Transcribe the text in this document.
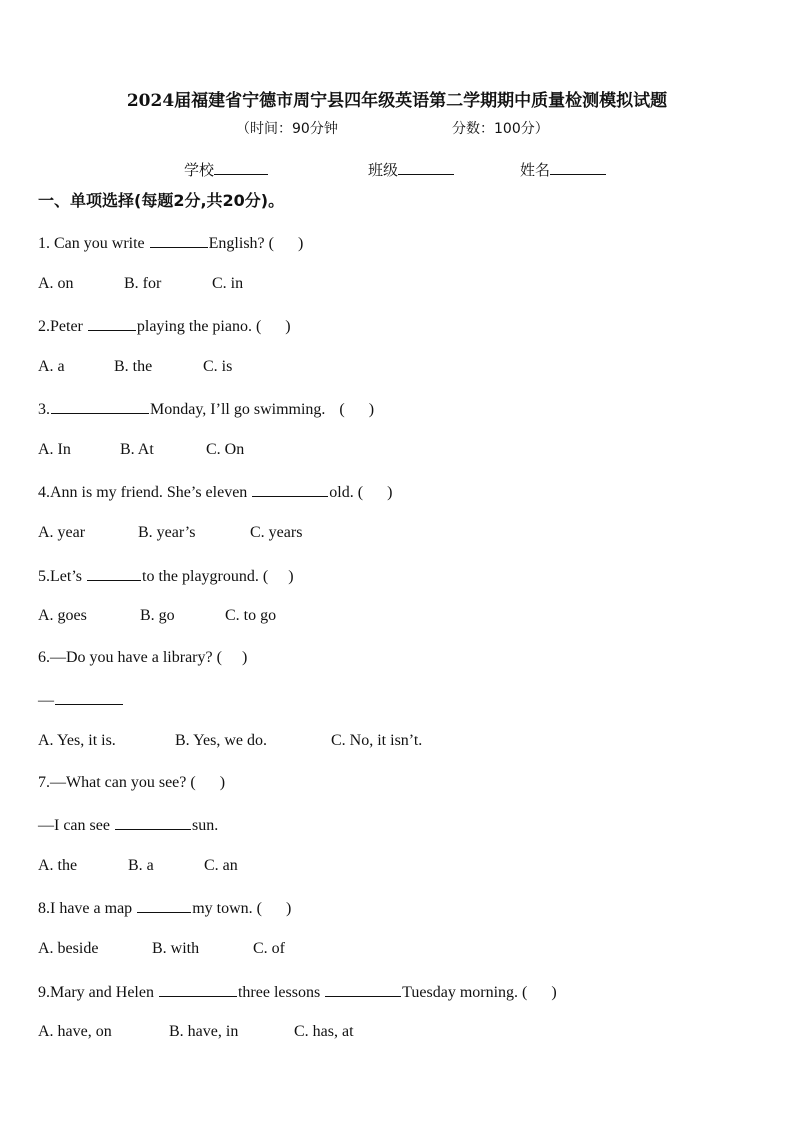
2024届福建省宁德市周宁县四年级英语第二学期期中质量检测模拟试题
（时间：90分钟	分数：100分）
学校	班级	姓名
一、单项选择(每题2分,共20分)。
1. Can you write	English? (      )
A. on	B. for	C. in
2.Peter	playing the piano. (      )
A. a	B. the	C. is
3.	Monday, I’ll go swimming. (      )
A. In	B. At	C. On
4.Ann is my friend. She’s eleven	old. (      )
A. year	B. year’s	C. years
5.Let’s	to the playground. (     )
A. goes	B. go	C. to go
6.—Do you have a library? (     )
—
A. Yes, it is.	B. Yes, we do.	C. No, it isn’t.
7.—What can you see? (      )
—I can see	sun.
A. the	B. a	C. an
8.I have a map	my town. (      )
A. beside	B. with	C. of
9.Mary and Helen	three lessons	Tuesday morning. (      )
A. have, on	B. have, in	C. has, at
